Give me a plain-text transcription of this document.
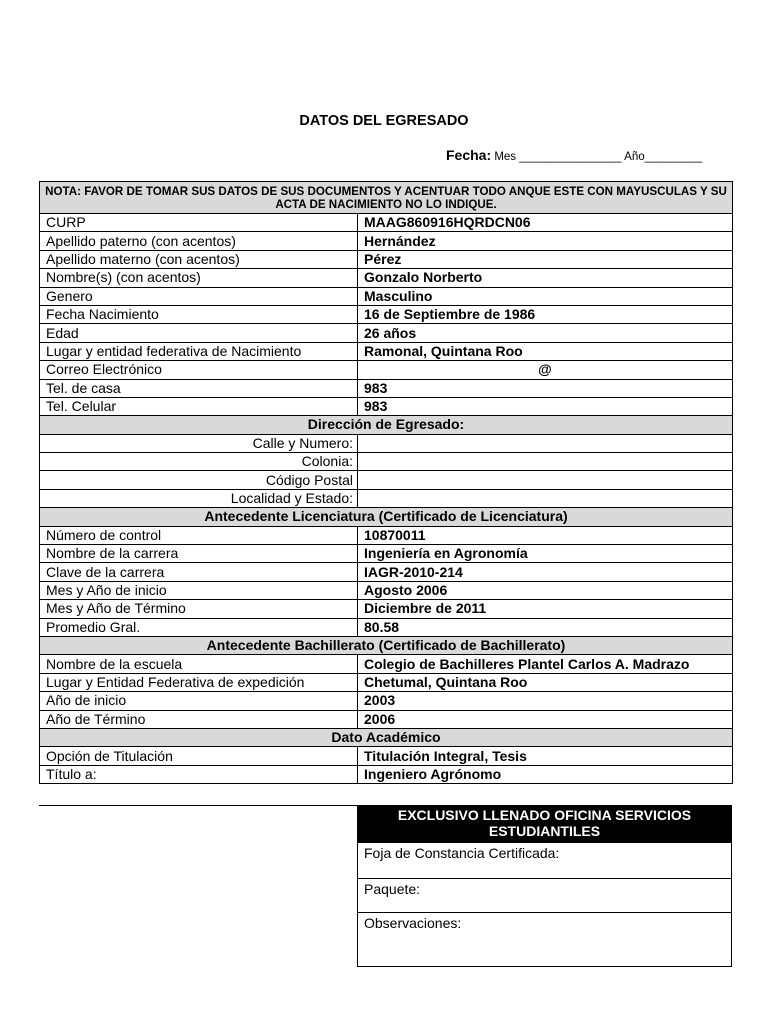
DATOS DEL EGRESADO
Fecha: Mes ________________ Año_________
NOTA: FAVOR DE TOMAR SUS DATOS DE SUS DOCUMENTOS Y ACENTUAR TODO ANQUE ESTE CON MAYUSCULAS Y SU ACTA DE NACIMIENTO NO LO INDIQUE.	
CURP	MAAG860916HQRDCN06
Apellido paterno (con acentos)	Hernández
Apellido materno (con acentos)	Pérez
Nombre(s) (con acentos)	Gonzalo Norberto
Genero	Masculino
Fecha Nacimiento	16 de Septiembre de 1986
Edad	26 años
Lugar y entidad federativa de Nacimiento	Ramonal, Quintana Roo
Correo Electrónico	@
Tel. de casa	983
Tel. Celular	983
Dirección de Egresado:	
Calle y Numero:	
Colonia:	
Código Postal	
Localidad y Estado:	
Antecedente Licenciatura (Certificado de Licenciatura)	
Número de control	10870011
Nombre de la carrera	Ingeniería en Agronomía
Clave de la carrera	IAGR-2010-214
Mes y Año de inicio	Agosto 2006
Mes y Año de Término	Diciembre de 2011
Promedio Gral.	80.58
Antecedente Bachillerato (Certificado de Bachillerato)	
Nombre de la escuela	Colegio de Bachilleres Plantel Carlos A. Madrazo
Lugar y Entidad Federativa de expedición	Chetumal, Quintana Roo
Año de inicio	2003
Año de Término	2006
Dato Académico	
Opción de Titulación	Titulación Integral, Tesis
Título a:	Ingeniero Agrónomo
EXCLUSIVO LLENADO OFICINA SERVICIOS ESTUDIANTILES
Foja de Constancia Certificada:
Paquete:
Observaciones:
